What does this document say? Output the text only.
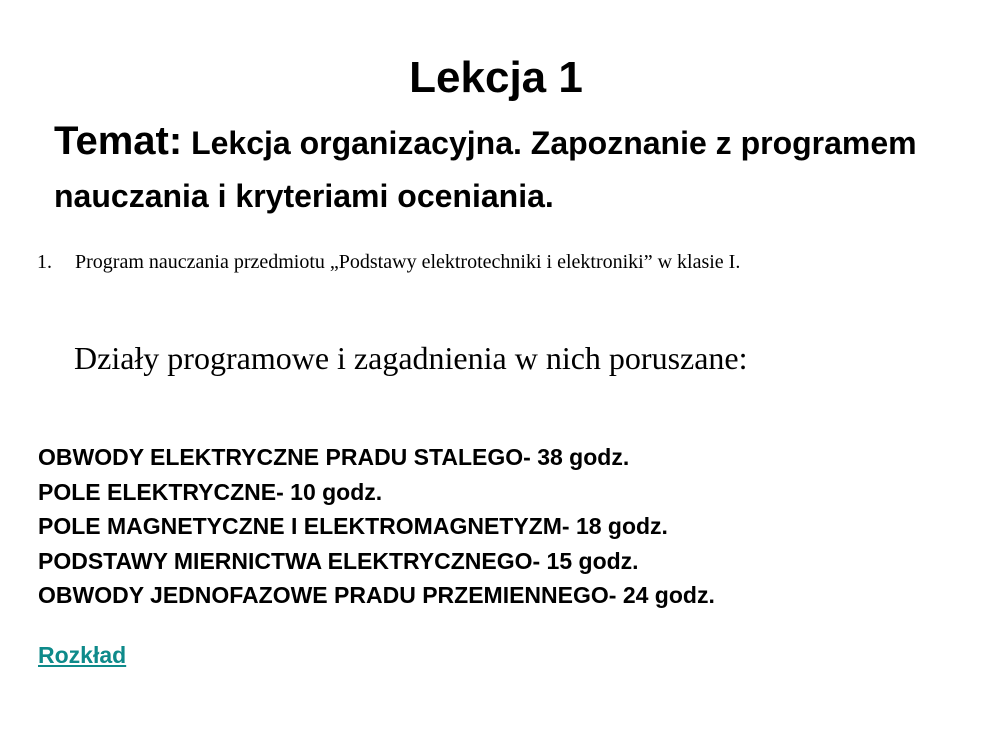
Lekcja 1

Temat: Lekcja organizacyjna. Zapoznanie z programem nauczania i kryteriami oceniania.

1. Program nauczania przedmiotu „Podstawy elektrotechniki i elektroniki” w klasie I.

Działy programowe i zagadnienia w nich poruszane:

OBWODY ELEKTRYCZNE PRADU STALEGO- 38 godz.
POLE ELEKTRYCZNE- 10 godz.
POLE MAGNETYCZNE I ELEKTROMAGNETYZM- 18 godz.
PODSTAWY MIERNICTWA ELEKTRYCZNEGO- 15 godz.
OBWODY JEDNOFAZOWE PRADU PRZEMIENNEGO- 24 godz.
Rozkład
